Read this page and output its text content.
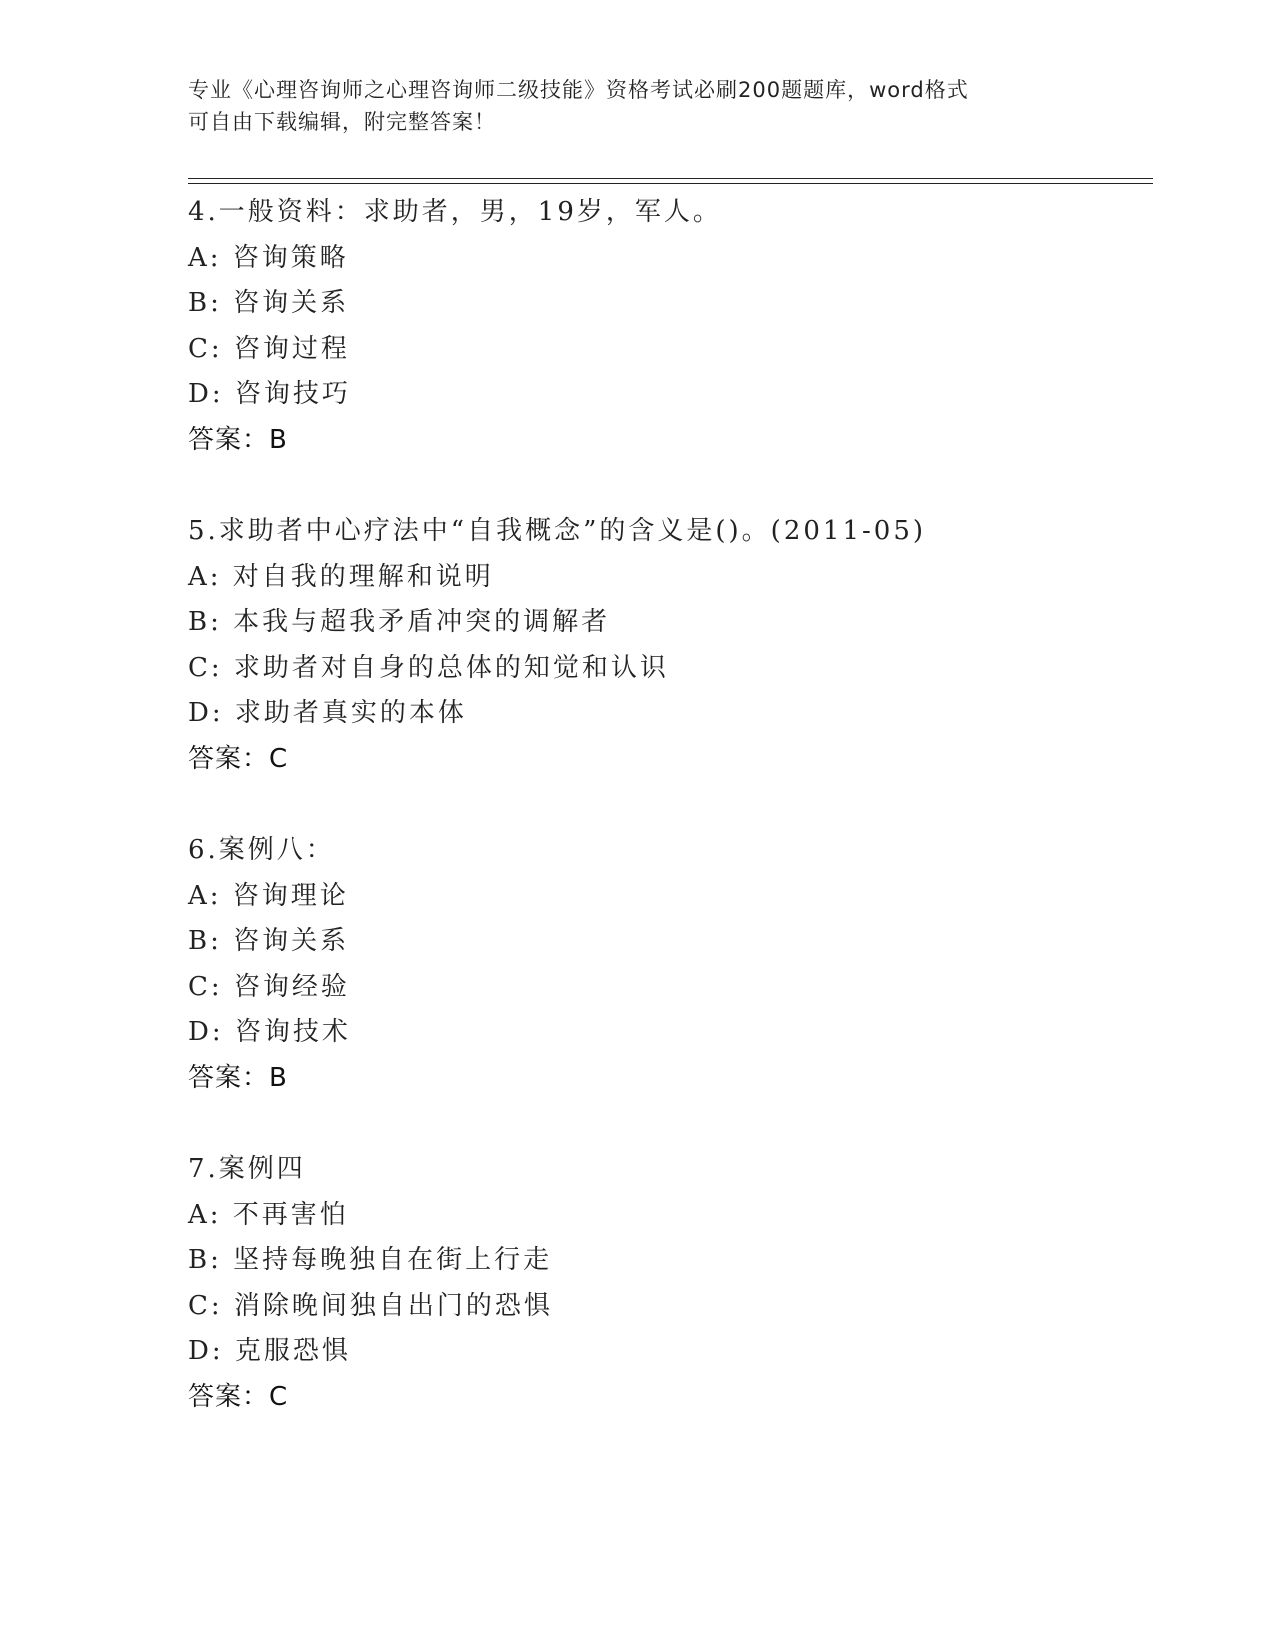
专业《心理咨询师之心理咨询师二级技能》资格考试必刷200题题库，word格式
可自由下载编辑，附完整答案！
4.一般资料：求助者，男，19岁，军人。
A: 咨询策略
B: 咨询关系
C: 咨询过程
D: 咨询技巧
答案：B
5.求助者中心疗法中“自我概念”的含义是()。(2011-05)
A: 对自我的理解和说明
B: 本我与超我矛盾冲突的调解者
C: 求助者对自身的总体的知觉和认识
D: 求助者真实的本体
答案：C
6.案例八：
A: 咨询理论
B: 咨询关系
C: 咨询经验
D: 咨询技术
答案：B
7.案例四
A: 不再害怕
B: 坚持每晚独自在街上行走
C: 消除晚间独自出门的恐惧
D: 克服恐惧
答案：C
